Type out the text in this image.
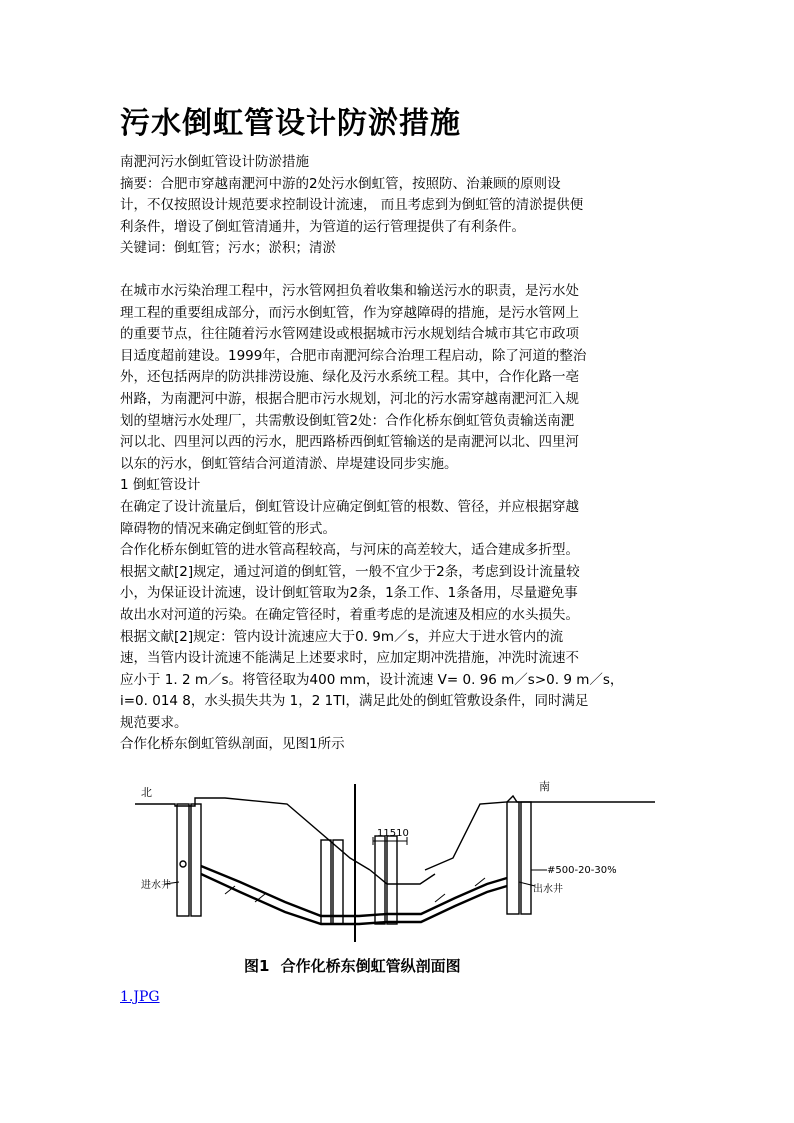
污水倒虹管设计防淤措施
南淝河污水倒虹管设计防淤措施
摘要：合肥市穿越南淝河中游的2处污水倒虹管，按照防、治兼顾的原则设
计，不仅按照设计规范要求控制设计流速， 而且考虑到为倒虹管的清淤提供便
利条件，增设了倒虹管清通井，为管道的运行管理提供了有利条件。
关键词：倒虹管；污水；淤积；清淤
在城市水污染治理工程中，污水管网担负着收集和输送污水的职责，是污水处
理工程的重要组成部分，而污水倒虹管，作为穿越障碍的措施，是污水管网上
的重要节点，往往随着污水管网建设或根据城市污水规划结合城市其它市政项
目适度超前建设。1999年，合肥市南淝河综合治理工程启动，除了河道的整治
外，还包括两岸的防洪排涝设施、绿化及污水系统工程。其中，合作化路一亳
州路，为南淝河中游，根据合肥市污水规划，河北的污水需穿越南淝河汇入规
划的望塘污水处理厂，共需敷设倒虹管2处：合作化桥东倒虹管负责输送南淝
河以北、四里河以西的污水，肥西路桥西倒虹管输送的是南淝河以北、四里河
以东的污水，倒虹管结合河道清淤、岸堤建设同步实施。
1 倒虹管设计
在确定了设计流量后，倒虹管设计应确定倒虹管的根数、管径，并应根据穿越
障碍物的情况来确定倒虹管的形式。
合作化桥东倒虹管的进水管高程较高，与河床的高差较大，适合建成多折型。
根据文献[2]规定，通过河道的倒虹管，一般不宜少于2条，考虑到设计流量较
小，为保证设计流速，设计倒虹管取为2条，1条工作、1条备用，尽量避免事
故出水对河道的污染。在确定管径时，着重考虑的是流速及相应的水头损失。
根据文献[2]规定：管内设计流速应大于0. 9m／s，并应大于进水管内的流
速，当管内设计流速不能满足上述要求时，应加定期冲洗措施，冲洗时流速不
应小于 1. 2 m／s。将管径取为400 mm，设计流速 V= 0. 96 m／s>0. 9 m／s，
i=0. 014 8，水头损失共为 1，2 1TI，满足此处的倒虹管敷设条件，同时满足
规范要求。
合作化桥东倒虹管纵剖面，见图1所示
北	南
11510
进水井	出水井
#500-20-30%
图1 合作化桥东倒虹管纵剖面图
1.JPG
